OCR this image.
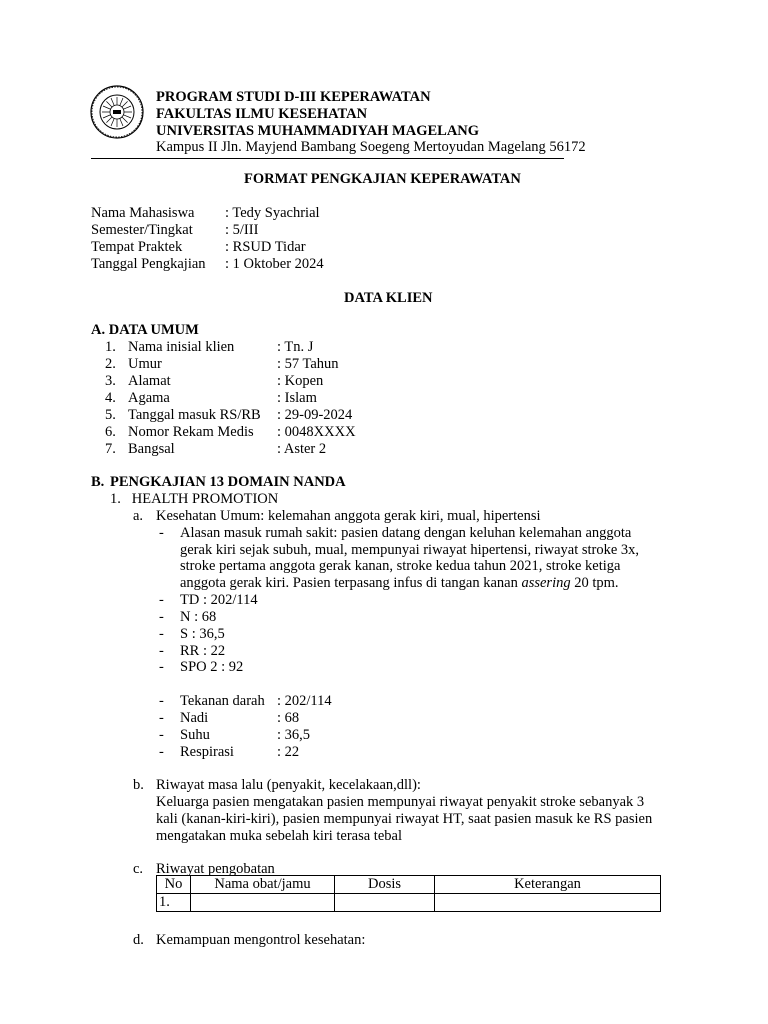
PROGRAM STUDI D-III KEPERAWATAN
FAKULTAS ILMU KESEHATAN
UNIVERSITAS MUHAMMADIYAH MAGELANG
Kampus II Jln. Mayjend Bambang Soegeng Mertoyudan Magelang 56172
FORMAT PENGKAJIAN KEPERAWATAN
Nama Mahasiswa : Tedy Syachrial
Semester/Tingkat : 5/III
Tempat Praktek	: RSUD Tidar
Tanggal Pengkajian : 1 Oktober 2024
DATA KLIEN
A. DATA UMUM
1. Nama inisial klien	: Tn. J
2. Umur	: 57 Tahun
3. Alamat	: Kopen
4. Agama	: Islam
5. Tanggal masuk RS/RB : 29-09-2024
6. Nomor Rekam Medis : 0048XXXX
7. Bangsal	: Aster 2
B. PENGKAJIAN 13 DOMAIN NANDA
1.   HEALTH PROMOTION
a. Kesehatan Umum: kelemahan anggota gerak kiri, mual, hipertensi
- Alasan masuk rumah sakit: pasien datang dengan keluhan kelemahan anggota
gerak kiri sejak subuh, mual, mempunyai riwayat hipertensi, riwayat stroke 3x,
stroke pertama anggota gerak kanan, stroke kedua tahun 2021, stroke ketiga
anggota gerak kiri. Pasien terpasang infus di tangan kanan assering 20 tpm.
- TD : 202/114
- N : 68
- S : 36,5
- RR : 22
- SPO 2 : 92
- Tekanan darah : 202/114
- Nadi	: 68
- Suhu	: 36,5
- Respirasi	: 22
b. Riwayat masa lalu (penyakit, kecelakaan,dll):
Keluarga pasien mengatakan pasien mempunyai riwayat penyakit stroke sebanyak 3
kali (kanan-kiri-kiri), pasien mempunyai riwayat HT, saat pasien masuk ke RS pasien
mengatakan muka sebelah kiri terasa tebal
c. Riwayat pengobatan
No	Nama obat/jamu	Dosis	Keterangan
1.			
d. Kemampuan mengontrol kesehatan:
